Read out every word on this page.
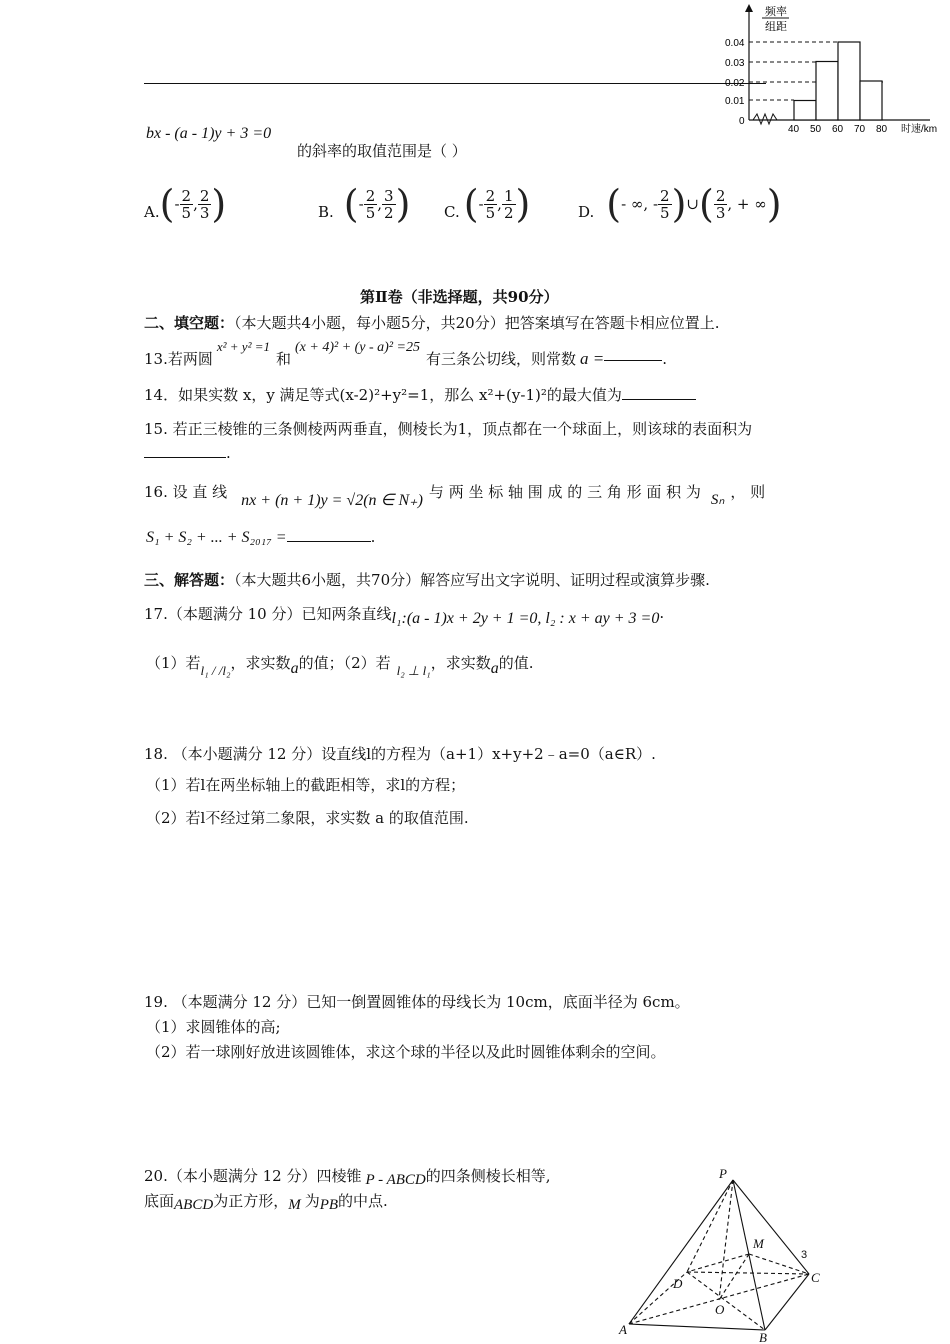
频率
组距
0.04
0.03
0.02
0.01
0
40 50 60 70 80 时速/km
bx - (a - 1)y + 3 =0
的斜率的取值范围是（ ）
A. ( - $\frac{2}{5}$ , $\frac{2}{3}$ )	B. ( - $\frac{2}{5}$ , $\frac{3}{2}$ ) C. ( - $\frac{2}{5}$ , $\frac{1}{2}$ )	D. ( - ∞, - $\frac{2}{5}$ ) ∪ ( $\frac{2}{3}$ , + ∞ )
第Ⅱ卷（非选择题，共90分）
二、填空题：（本大题共4小题，每小题5分，共20分）把答案填写在答题卡相应位置上.
13.若两圆
x² + y² =1
和
(x + 4)² + (y - a)² =25
有三条公切线，则常数 a =	.
14．如果实数 x，y 满足等式(x-2)²+y²=1，那么 x²+(y-1)²的最大值为
15. 若正三棱锥的三条侧棱两两垂直，侧棱长为1，顶点都在一个球面上，则该球的表面积为
.
16. 设 直 线 nx + (n + 1)y = √2(n ∈ N₊) 与 两 坐 标 轴 围 成 的 三 角 形 面 积 为 Sₙ ， 则
S₁ + S₂ + ... + S₂₀₁₇ =	.
三、解答题：（本大题共6小题，共70分）解答应写出文字说明、证明过程或演算步骤.
17.（本题满分 10 分）已知两条直线 l₁:(a - 1)x + 2y + 1 =0, l₂ : x + ay + 3 =0 .
（1）若 l₁ / /l₂ ，求实数 a 的值；（2）若 l₂ ⊥ l₁ ，求实数 a 的值.
18. （本小题满分 12 分）设直线l的方程为（a+1）x+y+2﹣a=0（a∈R）.
（1）若l在两坐标轴上的截距相等，求l的方程；
（2）若l不经过第二象限，求实数 a 的取值范围.
19. （本题满分 12 分）已知一倒置圆锥体的母线长为 10cm，底面半径为 6cm。
（1）求圆锥体的高;
（2）若一球刚好放进该圆锥体，求这个球的半径以及此时圆锥体剩余的空间。
20.（本小题满分 12 分）四棱锥 P - ABCD 的四条侧棱长相等,
底面 ABCD 为正方形， M 为 PB 的中点.
P
M
D	C
O
A
B
3
